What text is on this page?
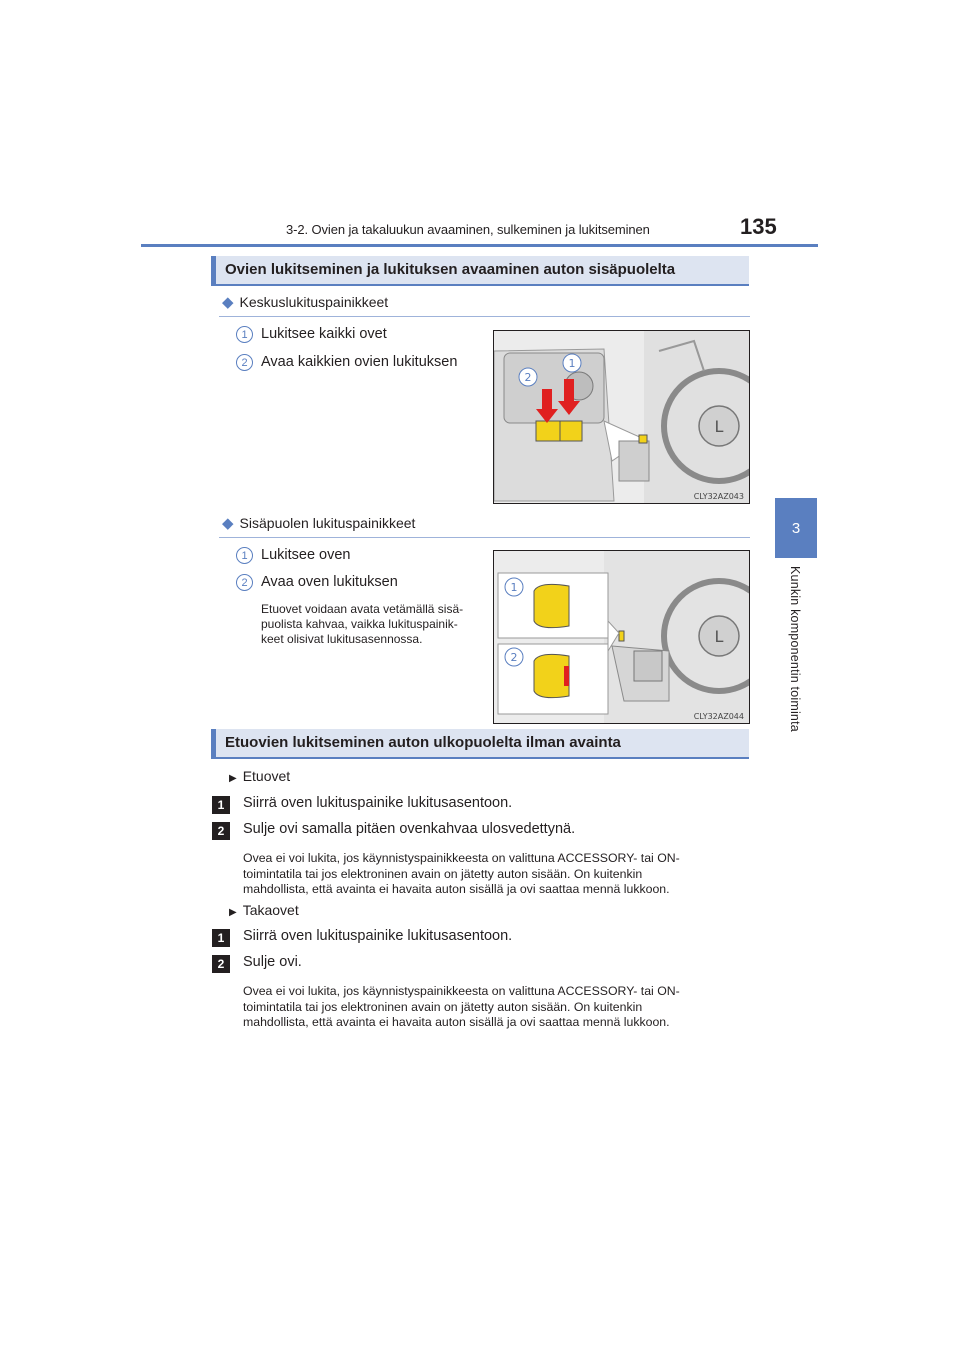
3-2. Ovien ja takaluukun avaaminen, sulkeminen ja lukitseminen	135
3
Kunkin komponentin toiminta
Ovien lukitseminen ja lukituksen avaaminen auton sisäpuolelta
◆ Keskuslukituspainikkeet
1 Lukitsee kaikki ovet
2 Avaa kaikkien ovien lukituksen
L
2
1
CLY32AZ043
◆ Sisäpuolen lukituspainikkeet
1 Lukitsee oven
2 Avaa oven lukituksen
Etuovet voidaan avata vetämällä sisä-
puolista kahvaa, vaikka lukituspainik-
keet olisivat lukitusasennossa.	L
1
2
CLY32AZ044
Etuovien lukitseminen auton ulkopuolelta ilman avainta
▶ Etuovet
1	Siirrä oven lukituspainike lukitusasentoon.
2	Sulje ovi samalla pitäen ovenkahvaa ulosvedettynä.
Ovea ei voi lukita, jos käynnistyspainikkeesta on valittuna ACCESSORY- tai ON-
toimintatila tai jos elektroninen avain on jätetty auton sisään. On kuitenkin
mahdollista, että avainta ei havaita auton sisällä ja ovi saattaa mennä lukkoon.
▶ Takaovet
1	Siirrä oven lukituspainike lukitusasentoon.
2	Sulje ovi.
Ovea ei voi lukita, jos käynnistyspainikkeesta on valittuna ACCESSORY- tai ON-
toimintatila tai jos elektroninen avain on jätetty auton sisään. On kuitenkin
mahdollista, että avainta ei havaita auton sisällä ja ovi saattaa mennä lukkoon.
